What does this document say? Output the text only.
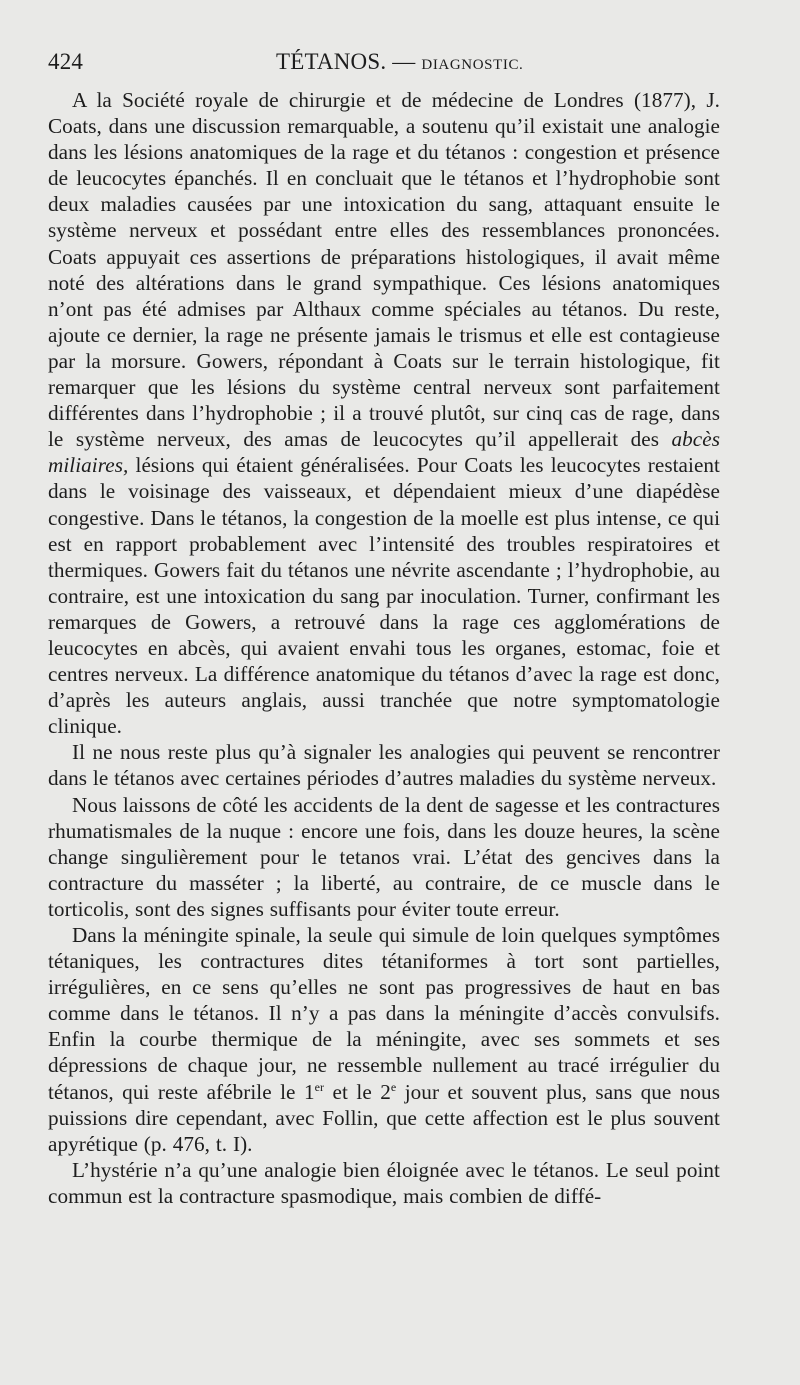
424	TÉTANOS. — DIAGNOSTIC.

A la Société royale de chirurgie et de médecine de Londres (1877), J. Coats, dans une discussion remarquable, a soutenu qu’il existait une analogie dans les lésions anatomiques de la rage et du tétanos : congestion et présence de leucocytes épanchés. Il en concluait que le tétanos et l’hydrophobie sont deux maladies causées par une intoxication du sang, attaquant ensuite le système nerveux et possédant entre elles des ressemblances prononcées. Coats appuyait ces assertions de préparations histologiques, il avait même noté des altérations dans le grand sympathique. Ces lésions anatomiques n’ont pas été admises par Althaux comme spéciales au tétanos. Du reste, ajoute ce dernier, la rage ne présente jamais le trismus et elle est contagieuse par la morsure. Gowers, répondant à Coats sur le terrain histologique, fit remarquer que les lésions du système central nerveux sont parfaitement différentes dans l’hydrophobie ; il a trouvé plutôt, sur cinq cas de rage, dans le système nerveux, des amas de leucocytes qu’il appellerait des abcès miliaires, lésions qui étaient généralisées. Pour Coats les leucocytes restaient dans le voisinage des vaisseaux, et dépendaient mieux d’une diapédèse congestive. Dans le tétanos, la congestion de la moelle est plus intense, ce qui est en rapport probablement avec l’intensité des troubles respiratoires et thermiques. Gowers fait du tétanos une névrite ascendante ; l’hydrophobie, au contraire, est une intoxication du sang par inoculation. Turner, confirmant les remarques de Gowers, a retrouvé dans la rage ces agglomérations de leucocytes en abcès, qui avaient envahi tous les organes, estomac, foie et centres nerveux. La différence anatomique du tétanos d’avec la rage est donc, d’après les auteurs anglais, aussi tranchée que notre symptomatologie clinique.

Il ne nous reste plus qu’à signaler les analogies qui peuvent se rencontrer dans le tétanos avec certaines périodes d’autres maladies du système nerveux.

Nous laissons de côté les accidents de la dent de sagesse et les contractures rhumatismales de la nuque : encore une fois, dans les douze heures, la scène change singulièrement pour le tetanos vrai. L’état des gencives dans la contracture du masséter ; la liberté, au contraire, de ce muscle dans le torticolis, sont des signes suffisants pour éviter toute erreur.

Dans la méningite spinale, la seule qui simule de loin quelques symptômes tétaniques, les contractures dites tétaniformes à tort sont partielles, irrégulières, en ce sens qu’elles ne sont pas progressives de haut en bas comme dans le tétanos. Il n’y a pas dans la méningite d’accès convulsifs. Enfin la courbe thermique de la méningite, avec ses sommets et ses dépressions de chaque jour, ne ressemble nullement au tracé irrégulier du tétanos, qui reste afébrile le 1er et le 2e jour et souvent plus, sans que nous puissions dire cependant, avec Follin, que cette affection est le plus souvent apyrétique (p. 476, t. I).

L’hystérie n’a qu’une analogie bien éloignée avec le tétanos. Le seul point commun est la contracture spasmodique, mais combien de diffé-
